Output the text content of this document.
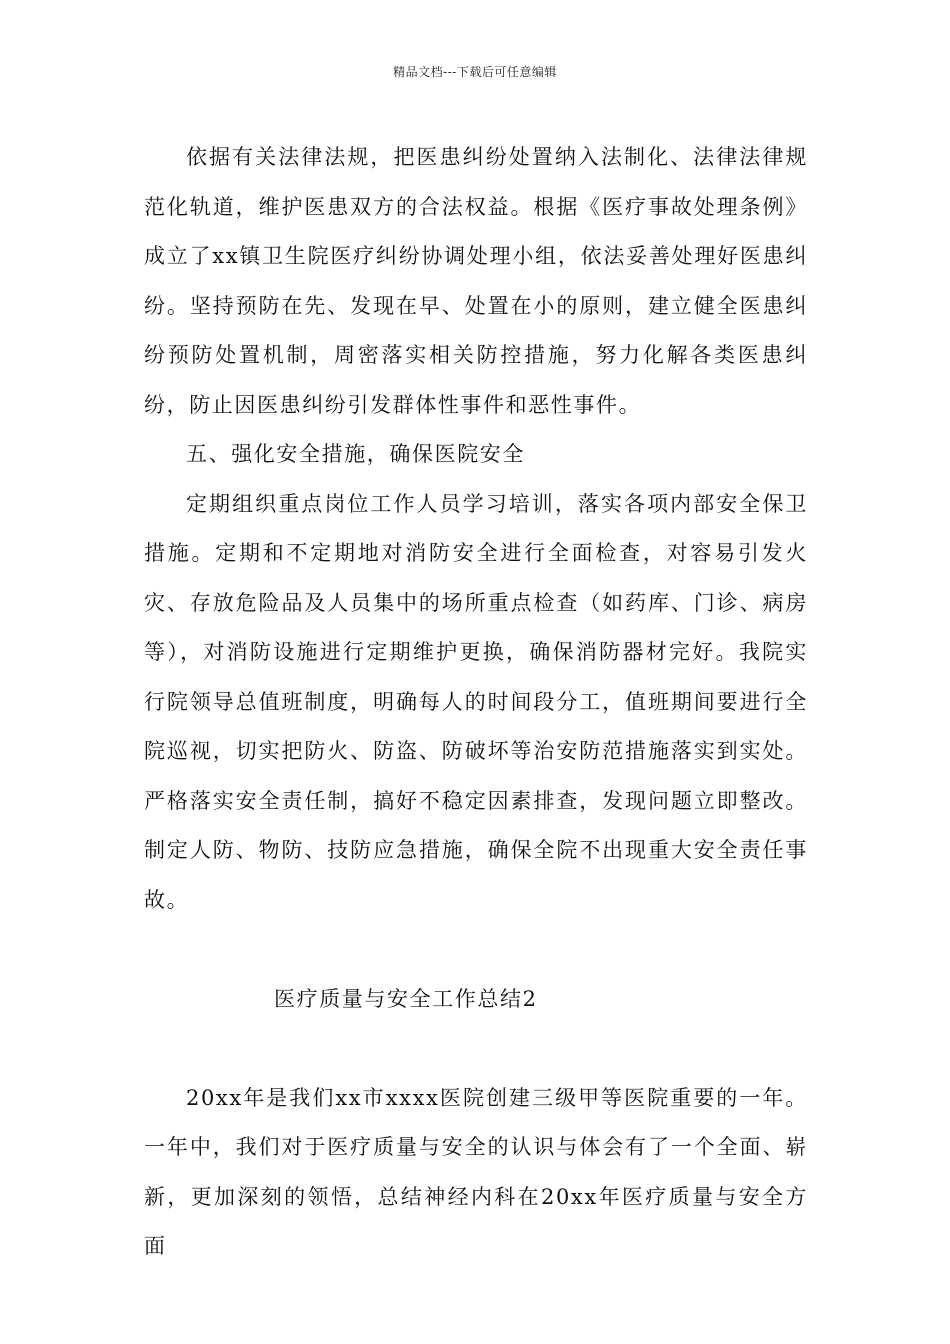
精品文档---下载后可任意编辑

依据有关法律法规，把医患纠纷处置纳入法制化、法律法律规范化轨道，维护医患双方的合法权益。根据《医疗事故处理条例》成立了xx镇卫生院医疗纠纷协调处理小组，依法妥善处理好医患纠纷。坚持预防在先、发现在早、处置在小的原则，建立健全医患纠纷预防处置机制，周密落实相关防控措施，努力化解各类医患纠纷，防止因医患纠纷引发群体性事件和恶性事件。

五、强化安全措施，确保医院安全

定期组织重点岗位工作人员学习培训，落实各项内部安全保卫措施。定期和不定期地对消防安全进行全面检查，对容易引发火灾、存放危险品及人员集中的场所重点检查（如药库、门诊、病房等），对消防设施进行定期维护更换，确保消防器材完好。我院实行院领导总值班制度，明确每人的时间段分工，值班期间要进行全院巡视，切实把防火、防盗、防破坏等治安防范措施落实到实处。严格落实安全责任制，搞好不稳定因素排查，发现问题立即整改。制定人防、物防、技防应急措施，确保全院不出现重大安全责任事故。

医疗质量与安全工作总结2

20xx年是我们xx市xxxx医院创建三级甲等医院重要的一年。一年中，我们对于医疗质量与安全的认识与体会有了一个全面、崭新，更加深刻的领悟，总结神经内科在20xx年医疗质量与安全方面
